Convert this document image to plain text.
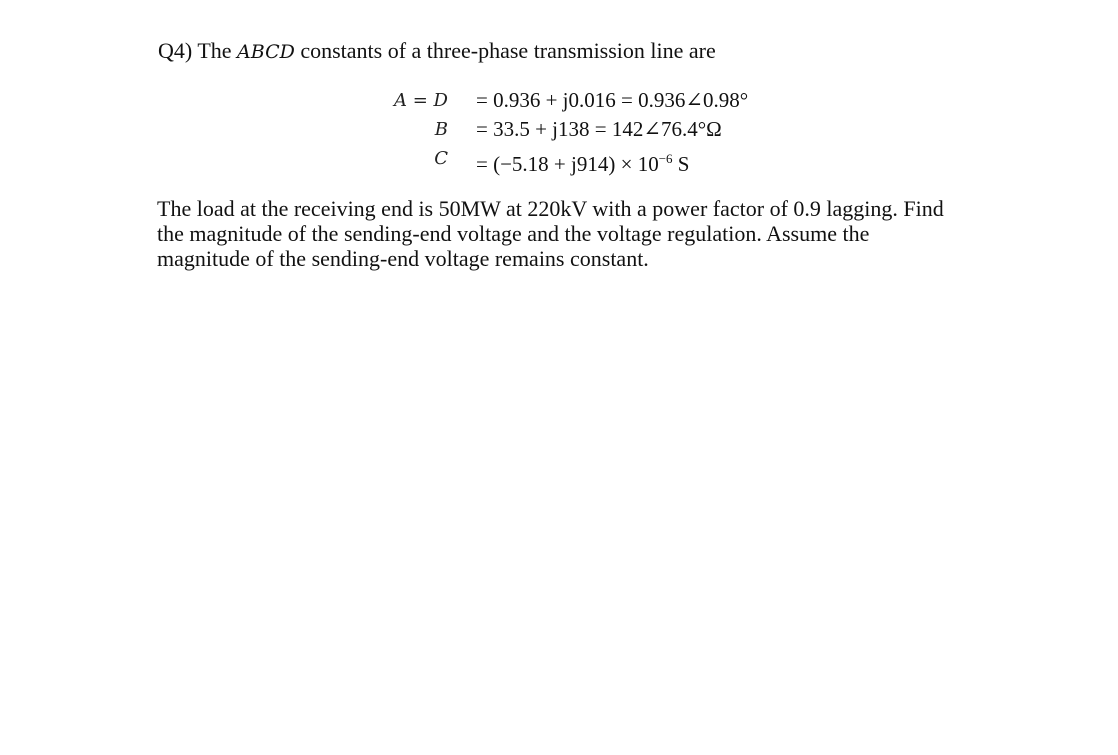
Q4) The ABCD constants of a three-phase transmission line are
A = D = 0.936 + j0.016 = 0.936∠0.98°
B = 33.5 + j138 = 142∠76.4°Ω
$C = (-5.18 + j914) \times 10^{-6}$ S
The load at the receiving end is 50MW at 220kV with a power factor of 0.9 lagging. Find
the magnitude of the sending-end voltage and the voltage regulation. Assume the
magnitude of the sending-end voltage remains constant.
